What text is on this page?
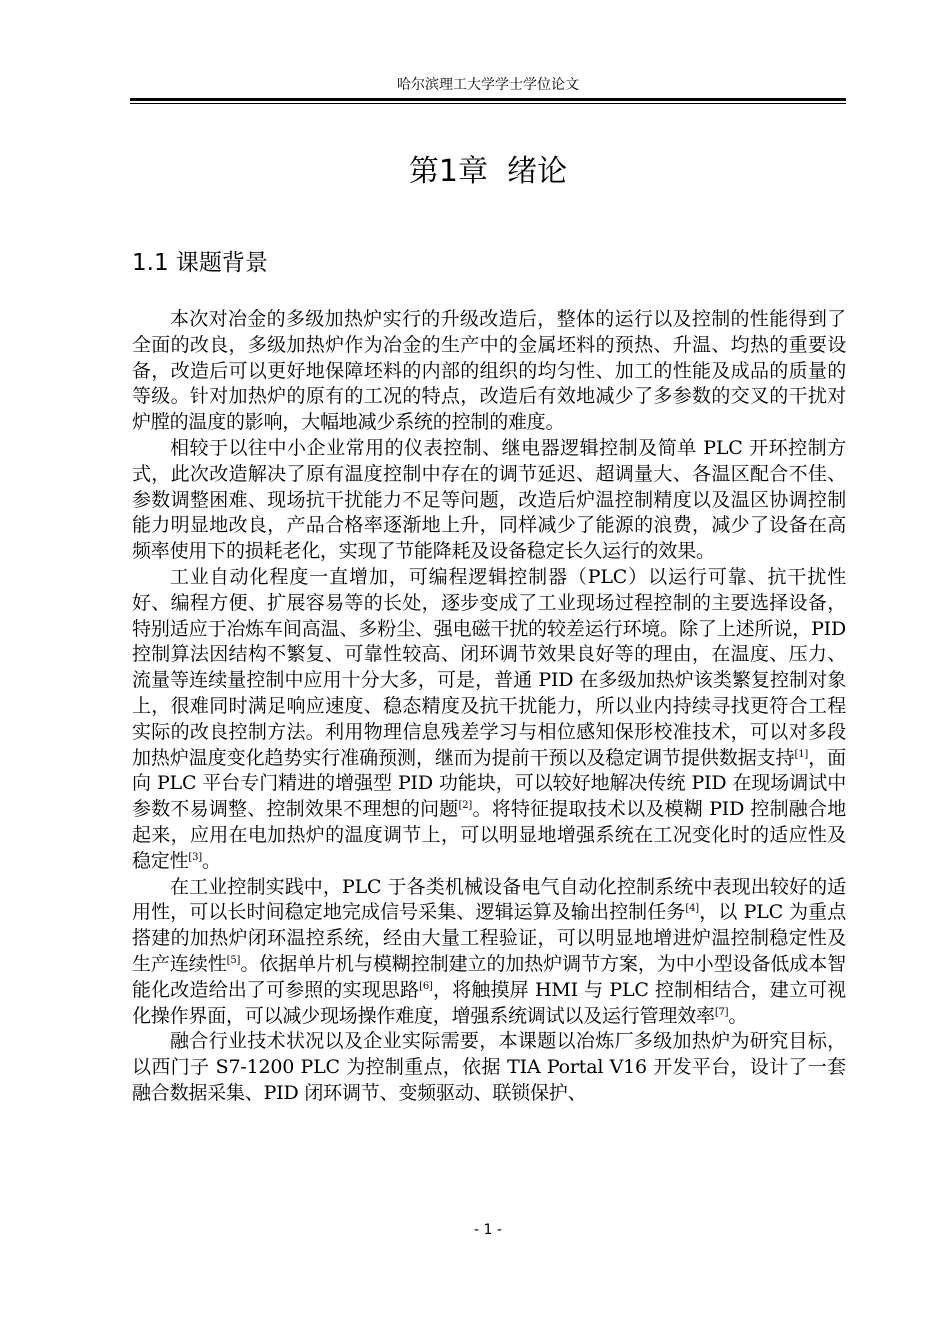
哈尔滨理工大学学士学位论文
第1章  绪论
1.1 课题背景

本次对冶金的多级加热炉实行的升级改造后，整体的运行以及控制的性能得到了全面的改良，多级加热炉作为冶金的生产中的金属坯料的预热、升温、均热的重要设备，改造后可以更好地保障坯料的内部的组织的均匀性、加工的性能及成品的质量的等级。针对加热炉的原有的工况的特点，改造后有效地减少了多参数的交叉的干扰对炉膛的温度的影响，大幅地减少系统的控制的难度。

相较于以往中小企业常用的仪表控制、继电器逻辑控制及简单 PLC 开环控制方式，此次改造解决了原有温度控制中存在的调节延迟、超调量大、各温区配合不佳、参数调整困难、现场抗干扰能力不足等问题，改造后炉温控制精度以及温区协调控制能力明显地改良，产品合格率逐渐地上升，同样减少了能源的浪费，减少了设备在高频率使用下的损耗老化，实现了节能降耗及设备稳定长久运行的效果。

工业自动化程度一直增加，可编程逻辑控制器（PLC）以运行可靠、抗干扰性好、编程方便、扩展容易等的长处，逐步变成了工业现场过程控制的主要选择设备，特别适应于冶炼车间高温、多粉尘、强电磁干扰的较差运行环境。除了上述所说，PID 控制算法因结构不繁复、可靠性较高、闭环调节效果良好等的理由，在温度、压力、流量等连续量控制中应用十分大多，可是，普通 PID 在多级加热炉该类繁复控制对象上，很难同时满足响应速度、稳态精度及抗干扰能力，所以业内持续寻找更符合工程实际的改良控制方法。利用物理信息残差学习与相位感知保形校准技术，可以对多段加热炉温度变化趋势实行准确预测，继而为提前干预以及稳定调节提供数据支持[1]，面向 PLC 平台专门精进的增强型 PID 功能块，可以较好地解决传统 PID 在现场调试中参数不易调整、控制效果不理想的问题[2]。将特征提取技术以及模糊 PID 控制融合地起来，应用在电加热炉的温度调节上，可以明显地增强系统在工况变化时的适应性及稳定性[3]。

在工业控制实践中，PLC 于各类机械设备电气自动化控制系统中表现出较好的适用性，可以长时间稳定地完成信号采集、逻辑运算及输出控制任务[4]，以 PLC 为重点搭建的加热炉闭环温控系统，经由大量工程验证，可以明显地增进炉温控制稳定性及生产连续性[5]。依据单片机与模糊控制建立的加热炉调节方案，为中小型设备低成本智能化改造给出了可参照的实现思路[6]，将触摸屏 HMI 与 PLC 控制相结合，建立可视化操作界面，可以减少现场操作难度，增强系统调试以及运行管理效率[7]。

融合行业技术状况以及企业实际需要，本课题以冶炼厂多级加热炉为研究目标，以西门子 S7-1200 PLC 为控制重点，依据 TIA Portal V16 开发平台，设计了一套融合数据采集、PID 闭环调节、变频驱动、联锁保护、

- 1 -
